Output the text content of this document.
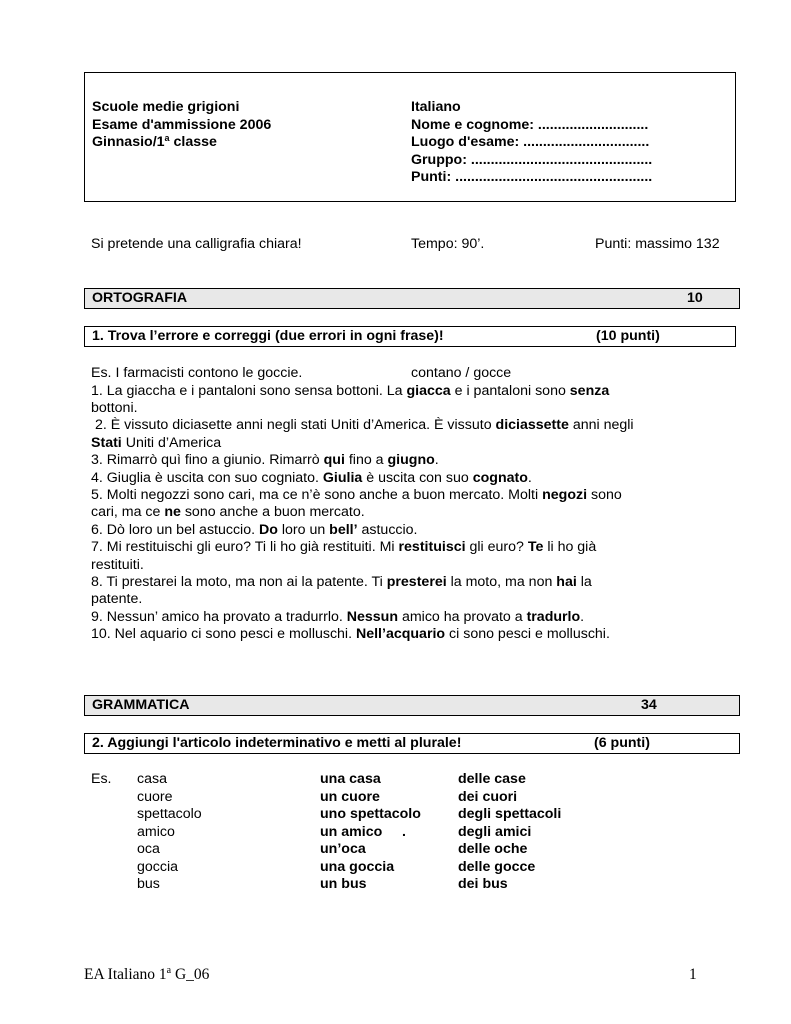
Scuole medie grigioni
Esame d'ammissione 2006
Ginnasio/1$^a$ classe
Italiano
Nome e cognome: ............................
Luogo d'esame: ................................
Gruppo: ..............................................
Punti: ..................................................
Si pretende una calligrafia chiara!	Tempo: 90’.	Punti: massimo 132
ORTOGRAFIA	10
1. Trova l’errore e correggi (due errori in ogni frase)!	(10 punti)
Es. I farmacisti contono le goccie.	contano / gocce
1. La giaccha e i pantaloni sono sensa bottoni. La giacca e i pantaloni sono senza
bottoni.
2. È vissuto diciasette anni negli stati Uniti d’America. È vissuto diciassette anni negli
Stati Uniti d’America
3. Rimarrò quì fino a giunio. Rimarrò qui fino a giugno.
4. Giuglia è uscita con suo cogniato. Giulia è uscita con suo cognato.
5. Molti negozzi sono cari, ma ce n’è sono anche a buon mercato. Molti negozi sono
cari, ma ce ne sono anche a buon mercato.
6. Dò loro un bel astuccio. Do loro un bell’ astuccio.
7. Mi restituischi gli euro? Ti li ho già restituiti. Mi restituisci gli euro? Te li ho già
restituiti.
8. Ti prestarei la moto, ma non ai la patente. Ti presterei la moto, ma non hai la
patente.
9. Nessun’ amico ha provato a tradurrlo. Nessun amico ha provato a tradurlo.
10. Nel aquario ci sono pesci e molluschi. Nell’acquario ci sono pesci e molluschi.
GRAMMATICA	34
2. Aggiungi l'articolo indeterminativo e metti al plurale!	(6 punti)
Es. casa	una casa	delle case
cuore	un cuore	dei cuori
spettacolo	uno spettacolo	degli spettacoli
amico	un amico     .	degli amici
oca	un’oca	delle oche
goccia	una goccia	delle gocce
bus	un bus	dei bus
EA Italiano 1$^a$ G_06	1
